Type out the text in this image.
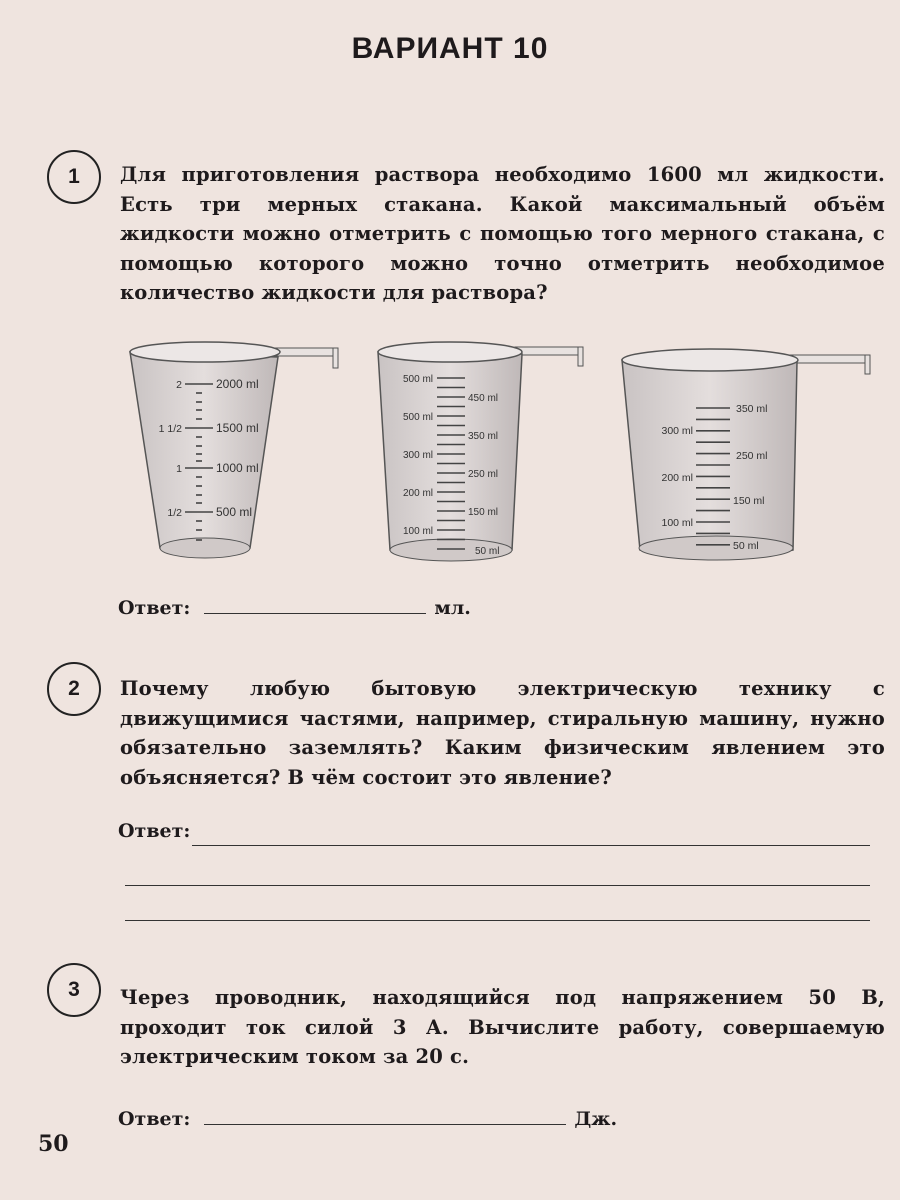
ВАРИАНТ 10
1	Для приготовления раствора необходимо 1600 мл жидкости. Есть три мерных стакана. Какой максимальный объём жидкости можно отметрить с помощью того мерного стакана, с помощью которого можно точно отметрить необходимое количество жидкости для раствора?
2
1 1/2
1
1/2
2000 ml
1500 ml
1000 ml
500 ml
500 ml
500 ml
300 ml
200 ml
100 ml
450 ml
350 ml
250 ml
150 ml
50 ml
300 ml
200 ml
100 ml
350 ml
250 ml
150 ml
50 ml
Ответ:	мл.
2	Почему любую бытовую электрическую технику с движущимися частями, например, стиральную машину, нужно обязательно заземлять? Каким физическим явлением это объясняется? В чём состоит это явление?
Ответ:
3	Через проводник, находящийся под напряжением 50 В, проходит ток силой 3 А. Вычислите работу, совершаемую электрическим током за 20 с.
Ответ:	Дж.
50
